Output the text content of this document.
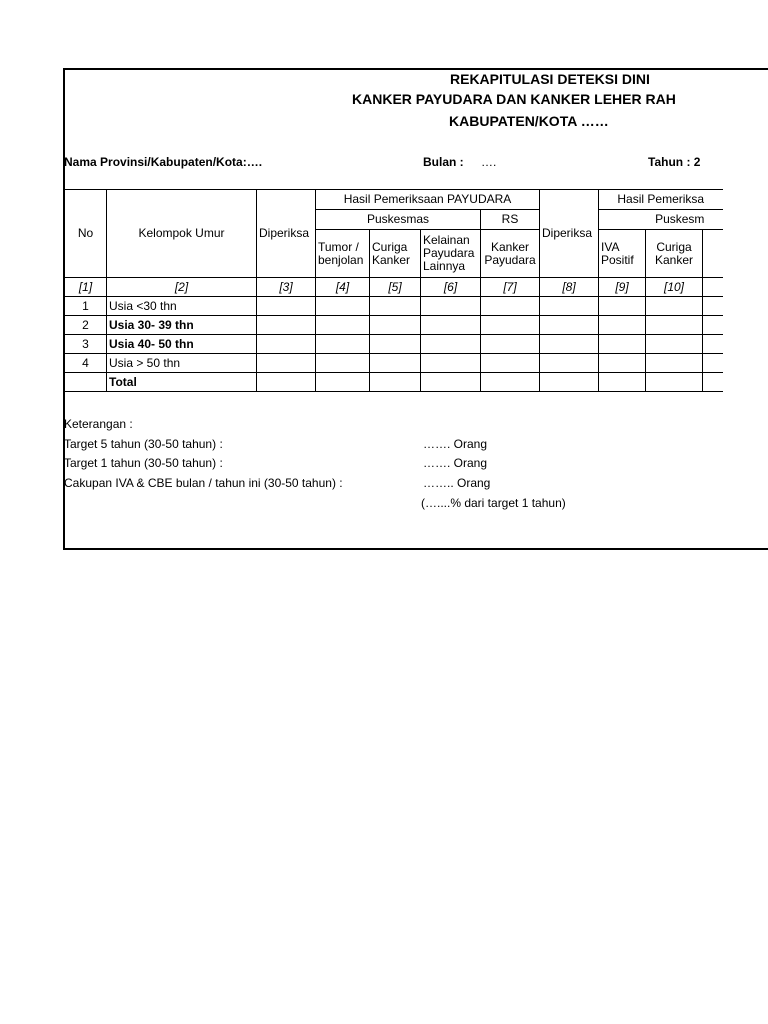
REKAPITULASI DETEKSI DINI
KANKER PAYUDARA DAN KANKER LEHER RAH
KABUPATEN/KOTA ……
Nama Provinsi/Kabupaten/Kota:….	Bulan : ….	Tahun : 2
No	Kelompok Umur	Diperiksa	Hasil Pemeriksaan PAYUDARA				Diperiksa	Hasil Pemeriksa		
			Puskesmas			RS		Puskesm		
			Tumor / benjolan	Curiga Kanker	Kelainan Payudara Lainnya	Kanker Payudara		IVA Positif	Curiga Kanker	
[1]	[2]	[3]	[4]	[5]	[6]	[7]	[8]	[9]	[10]	
1	Usia <30 thn									
2	Usia 30- 39 thn									
3	Usia 40- 50 thn									
4	Usia > 50 thn									
	Total									
Keterangan :
Target 5 tahun (30-50 tahun) :	……. Orang
Target 1 tahun (30-50 tahun) :	……. Orang
Cakupan IVA & CBE bulan / tahun ini (30-50 tahun) :	…….. Orang
(…....% dari target 1 tahun)
